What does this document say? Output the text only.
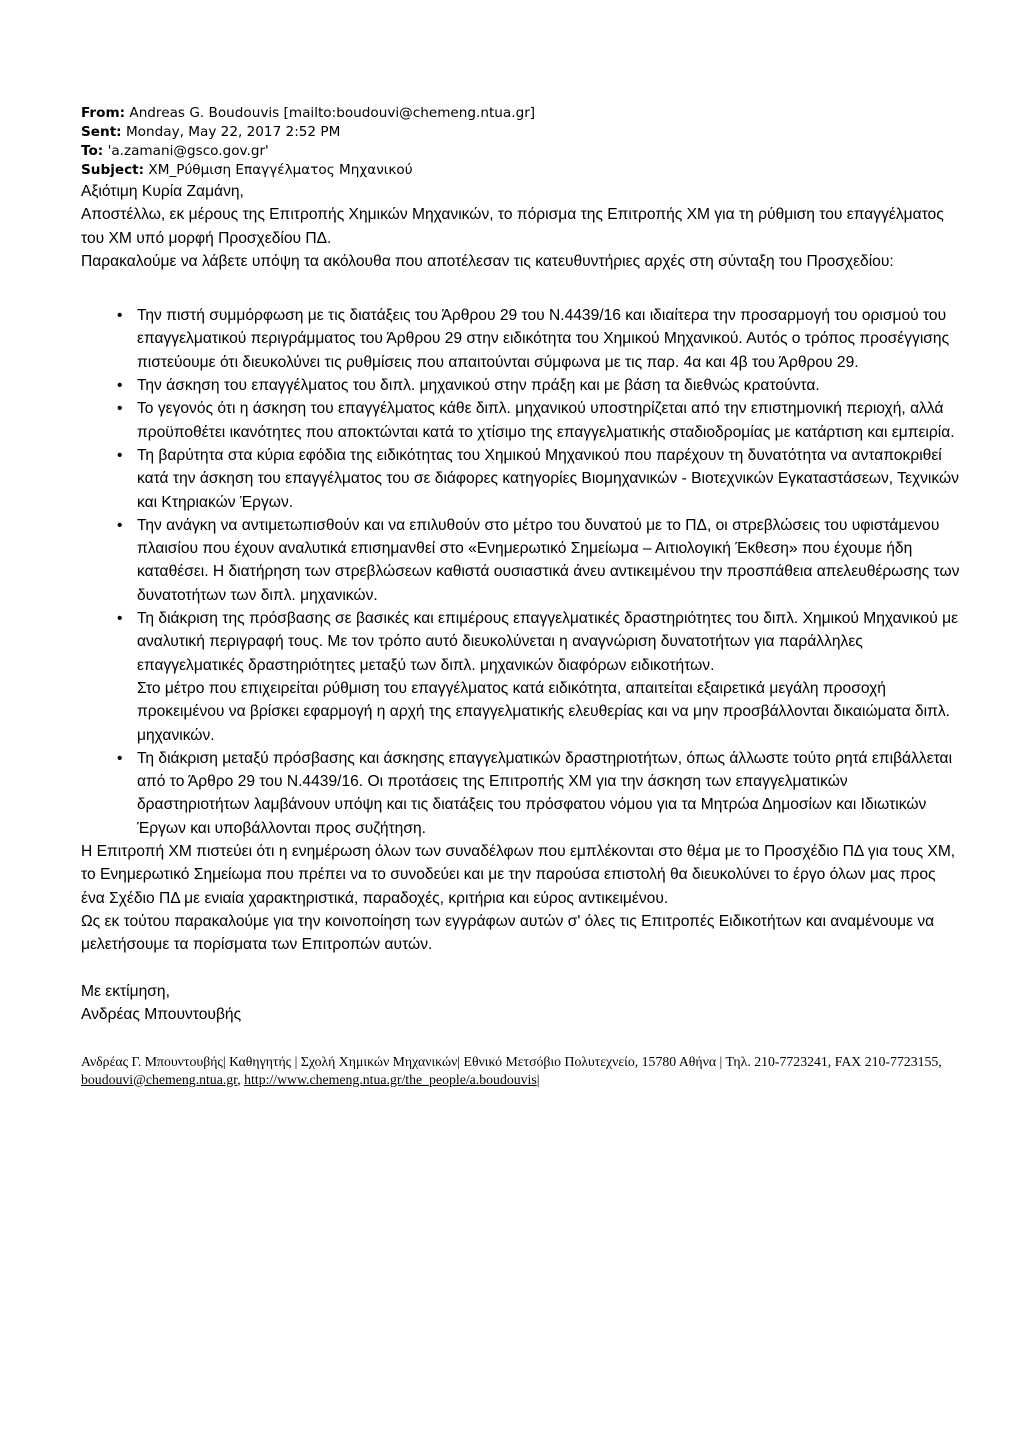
From: Andreas G. Boudouvis [mailto:boudouvi@chemeng.ntua.gr]
Sent: Monday, May 22, 2017 2:52 PM
To: 'a.zamani@gsco.gov.gr'
Subject: ΧΜ_Ρύθμιση Επαγγέλματος Μηχανικού

Αξιότιμη Κυρία Ζαμάνη,

Αποστέλλω, εκ μέρους της Επιτροπής Χημικών Μηχανικών, το πόρισμα της Επιτροπής ΧΜ για τη ρύθμιση του επαγγέλματος του ΧΜ υπό μορφή Προσχεδίου ΠΔ.

Παρακαλούμε να λάβετε υπόψη τα ακόλουθα που αποτέλεσαν τις κατευθυντήριες αρχές στη σύνταξη του Προσχεδίου:

• Την πιστή συμμόρφωση με τις διατάξεις του Άρθρου 29 του Ν.4439/16 και ιδιαίτερα την προσαρμογή του ορισμού του επαγγελματικού περιγράμματος του Άρθρου 29 στην ειδικότητα του Χημικού Μηχανικού. Αυτός ο τρόπος προσέγγισης πιστεύουμε ότι διευκολύνει τις ρυθμίσεις που απαιτούνται σύμφωνα με τις παρ. 4α και 4β του Άρθρου 29.
• Την άσκηση του επαγγέλματος του διπλ. μηχανικού στην πράξη και με βάση τα διεθνώς κρατούντα.
• Το γεγονός ότι η άσκηση του επαγγέλματος κάθε διπλ. μηχανικού υποστηρίζεται από την επιστημονική περιοχή, αλλά προϋποθέτει ικανότητες που αποκτώνται κατά το χτίσιμο της επαγγελματικής σταδιοδρομίας με κατάρτιση και εμπειρία.
• Τη βαρύτητα στα κύρια εφόδια της ειδικότητας του Χημικού Μηχανικού που παρέχουν τη δυνατότητα να ανταποκριθεί κατά την άσκηση του επαγγέλματος του σε διάφορες κατηγορίες Βιομηχανικών - Βιοτεχνικών Εγκαταστάσεων, Τεχνικών και Κτηριακών Έργων.
• Την ανάγκη να αντιμετωπισθούν και να επιλυθούν στο μέτρο του δυνατού με το ΠΔ, οι στρεβλώσεις του υφιστάμενου πλαισίου που έχουν αναλυτικά επισημανθεί στο «Ενημερωτικό Σημείωμα – Αιτιολογική Έκθεση» που έχουμε ήδη καταθέσει. Η διατήρηση των στρεβλώσεων καθιστά ουσιαστικά άνευ αντικειμένου την προσπάθεια απελευθέρωσης των δυνατοτήτων των διπλ. μηχανικών.
• Τη διάκριση της πρόσβασης σε βασικές και επιμέρους επαγγελματικές δραστηριότητες του διπλ. Χημικού Μηχανικού με αναλυτική περιγραφή τους. Με τον τρόπο αυτό διευκολύνεται η αναγνώριση δυνατοτήτων για παράλληλες επαγγελματικές δραστηριότητες μεταξύ των διπλ. μηχανικών διαφόρων ειδικοτήτων.
Στο μέτρο που επιχειρείται ρύθμιση του επαγγέλματος κατά ειδικότητα, απαιτείται εξαιρετικά μεγάλη προσοχή προκειμένου να βρίσκει εφαρμογή η αρχή της επαγγελματικής ελευθερίας και να μην προσβάλλονται δικαιώματα διπλ. μηχανικών.
• Τη διάκριση μεταξύ πρόσβασης και άσκησης επαγγελματικών δραστηριοτήτων, όπως άλλωστε τούτο ρητά επιβάλλεται από το Άρθρο 29 του Ν.4439/16. Οι προτάσεις της Επιτροπής ΧΜ για την άσκηση των επαγγελματικών δραστηριοτήτων λαμβάνουν υπόψη και τις διατάξεις του πρόσφατου νόμου για τα Μητρώα Δημοσίων και Ιδιωτικών Έργων και υποβάλλονται προς συζήτηση.

Η Επιτροπή ΧΜ πιστεύει ότι η ενημέρωση όλων των συναδέλφων που εμπλέκονται στο θέμα με το Προσχέδιο ΠΔ για τους ΧΜ, το Ενημερωτικό Σημείωμα που πρέπει να το συνοδεύει και με την παρούσα επιστολή θα διευκολύνει το έργο όλων μας προς ένα Σχέδιο ΠΔ με ενιαία χαρακτηριστικά, παραδοχές, κριτήρια και εύρος αντικειμένου.

Ως εκ τούτου παρακαλούμε για την κοινοποίηση των εγγράφων αυτών σ' όλες τις Επιτροπές Ειδικοτήτων και αναμένουμε να μελετήσουμε τα πορίσματα των Επιτροπών αυτών.

Με εκτίμηση,
Ανδρέας Μπουντουβής
Ανδρέας Γ. Μπουντουβής| Καθηγητής | Σχολή Χημικών Μηχανικών| Εθνικό Μετσόβιο Πολυτεχνείο, 15780 Αθήνα | Τηλ. 210-7723241, FAX 210-7723155,
boudouvi@chemeng.ntua.gr, http://www.chemeng.ntua.gr/the_people/a.boudouvis|
